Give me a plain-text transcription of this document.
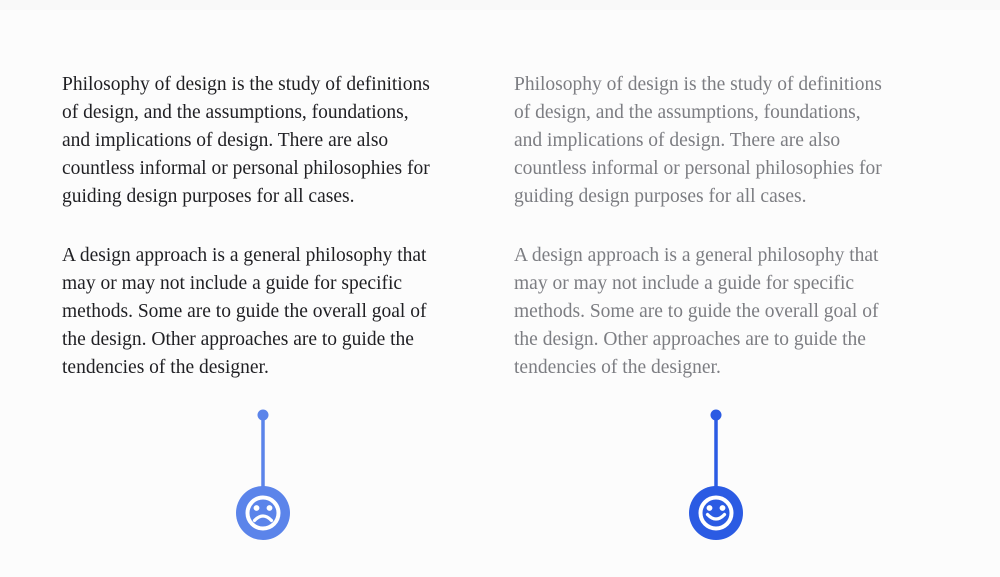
Philosophy of design is the study of definitions
of design, and the assumptions, foundations,
and implications of design. There are also
countless informal or personal philosophies for
guiding design purposes for all cases.
A design approach is a general philosophy that
may or may not include a guide for specific
methods. Some are to guide the overall goal of
the design. Other approaches are to guide the
tendencies of the designer.
Philosophy of design is the study of definitions
of design, and the assumptions, foundations,
and implications of design. There are also
countless informal or personal philosophies for
guiding design purposes for all cases.
A design approach is a general philosophy that
may or may not include a guide for specific
methods. Some are to guide the overall goal of
the design. Other approaches are to guide the
tendencies of the designer.
